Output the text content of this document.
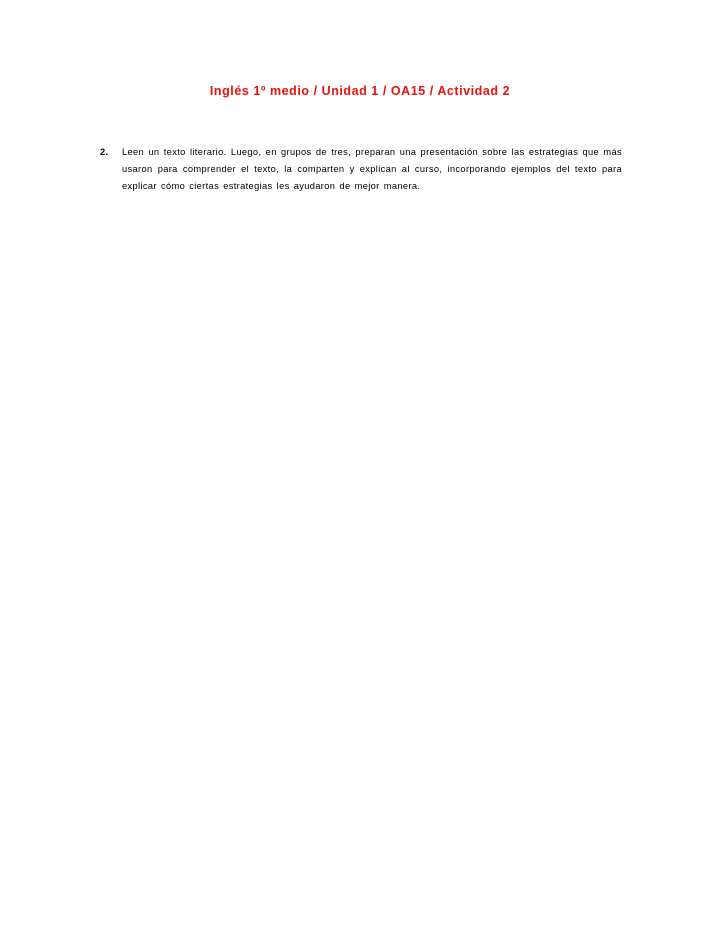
Inglés 1º medio / Unidad 1 / OA15 / Actividad 2
2.	Leen un texto literario. Luego, en grupos de tres, preparan una presentación sobre las estrategias que más usaron para comprender el texto, la comparten y explican al curso, incorporando ejemplos del texto para explicar cómo ciertas estrategias les ayudaron de mejor manera.
